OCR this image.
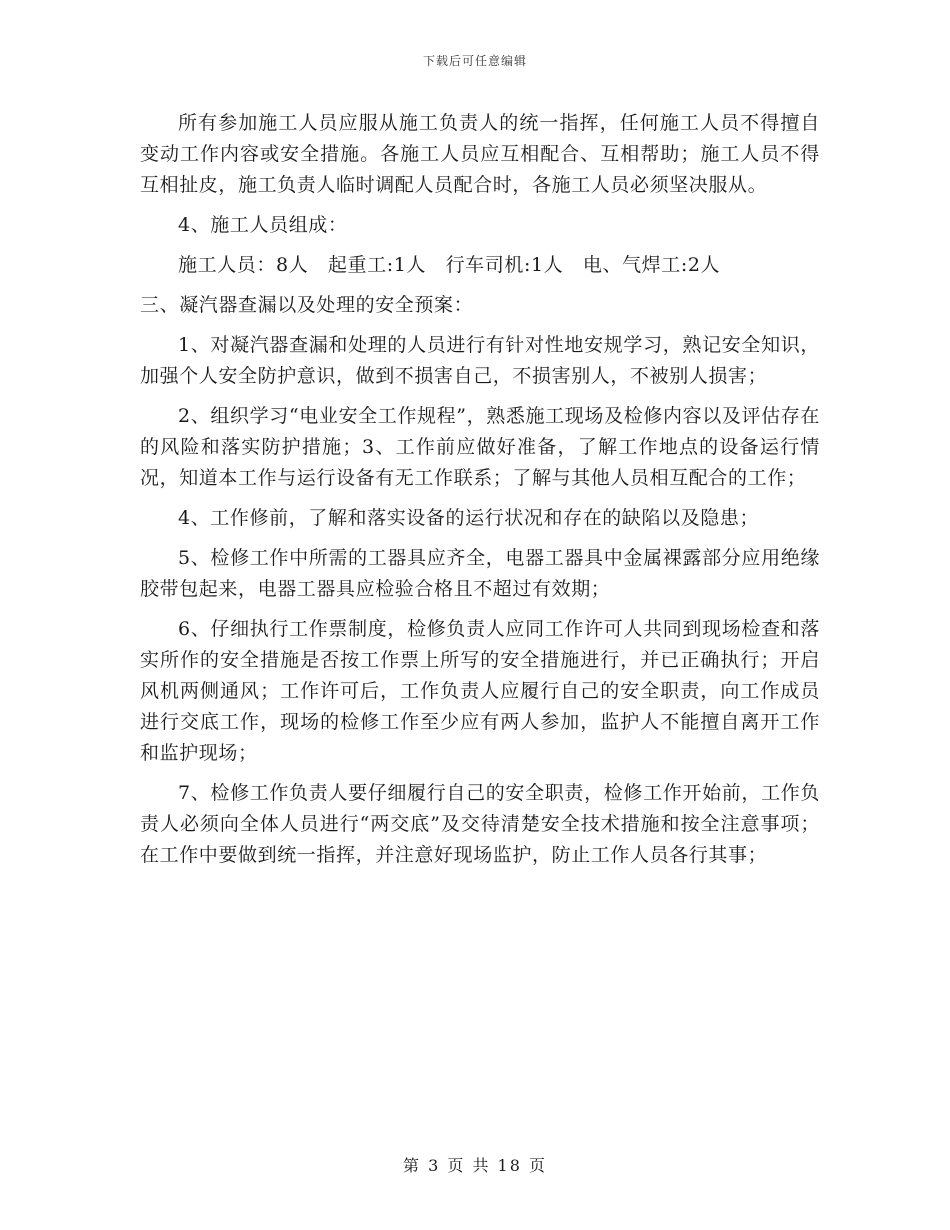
下载后可任意编辑

所有参加施工人员应服从施工负责人的统一指挥，任何施工人员不得擅自变动工作内容或安全措施。各施工人员应互相配合、互相帮助；施工人员不得互相扯皮，施工负责人临时调配人员配合时，各施工人员必须坚决服从。

4、施工人员组成：

施工人员：8人　起重工:1人　行车司机:1人　电、气焊工:2人

三、凝汽器查漏以及处理的安全预案：

1、对凝汽器查漏和处理的人员进行有针对性地安规学习，熟记安全知识，加强个人安全防护意识，做到不损害自己，不损害别人，不被别人损害；

2、组织学习“电业安全工作规程”，熟悉施工现场及检修内容以及评估存在的风险和落实防护措施；3、工作前应做好准备，了解工作地点的设备运行情况，知道本工作与运行设备有无工作联系；了解与其他人员相互配合的工作；

4、工作修前，了解和落实设备的运行状况和存在的缺陷以及隐患；

5、检修工作中所需的工器具应齐全，电器工器具中金属裸露部分应用绝缘胶带包起来，电器工器具应检验合格且不超过有效期；

6、仔细执行工作票制度，检修负责人应同工作许可人共同到现场检查和落实所作的安全措施是否按工作票上所写的安全措施进行，并已正确执行；开启风机两侧通风；工作许可后，工作负责人应履行自己的安全职责，向工作成员进行交底工作，现场的检修工作至少应有两人参加，监护人不能擅自离开工作和监护现场；

7、检修工作负责人要仔细履行自己的安全职责，检修工作开始前，工作负责人必须向全体人员进行“两交底”及交待清楚安全技术措施和按全注意事项；在工作中要做到统一指挥，并注意好现场监护，防止工作人员各行其事；

第 3 页 共 18 页
